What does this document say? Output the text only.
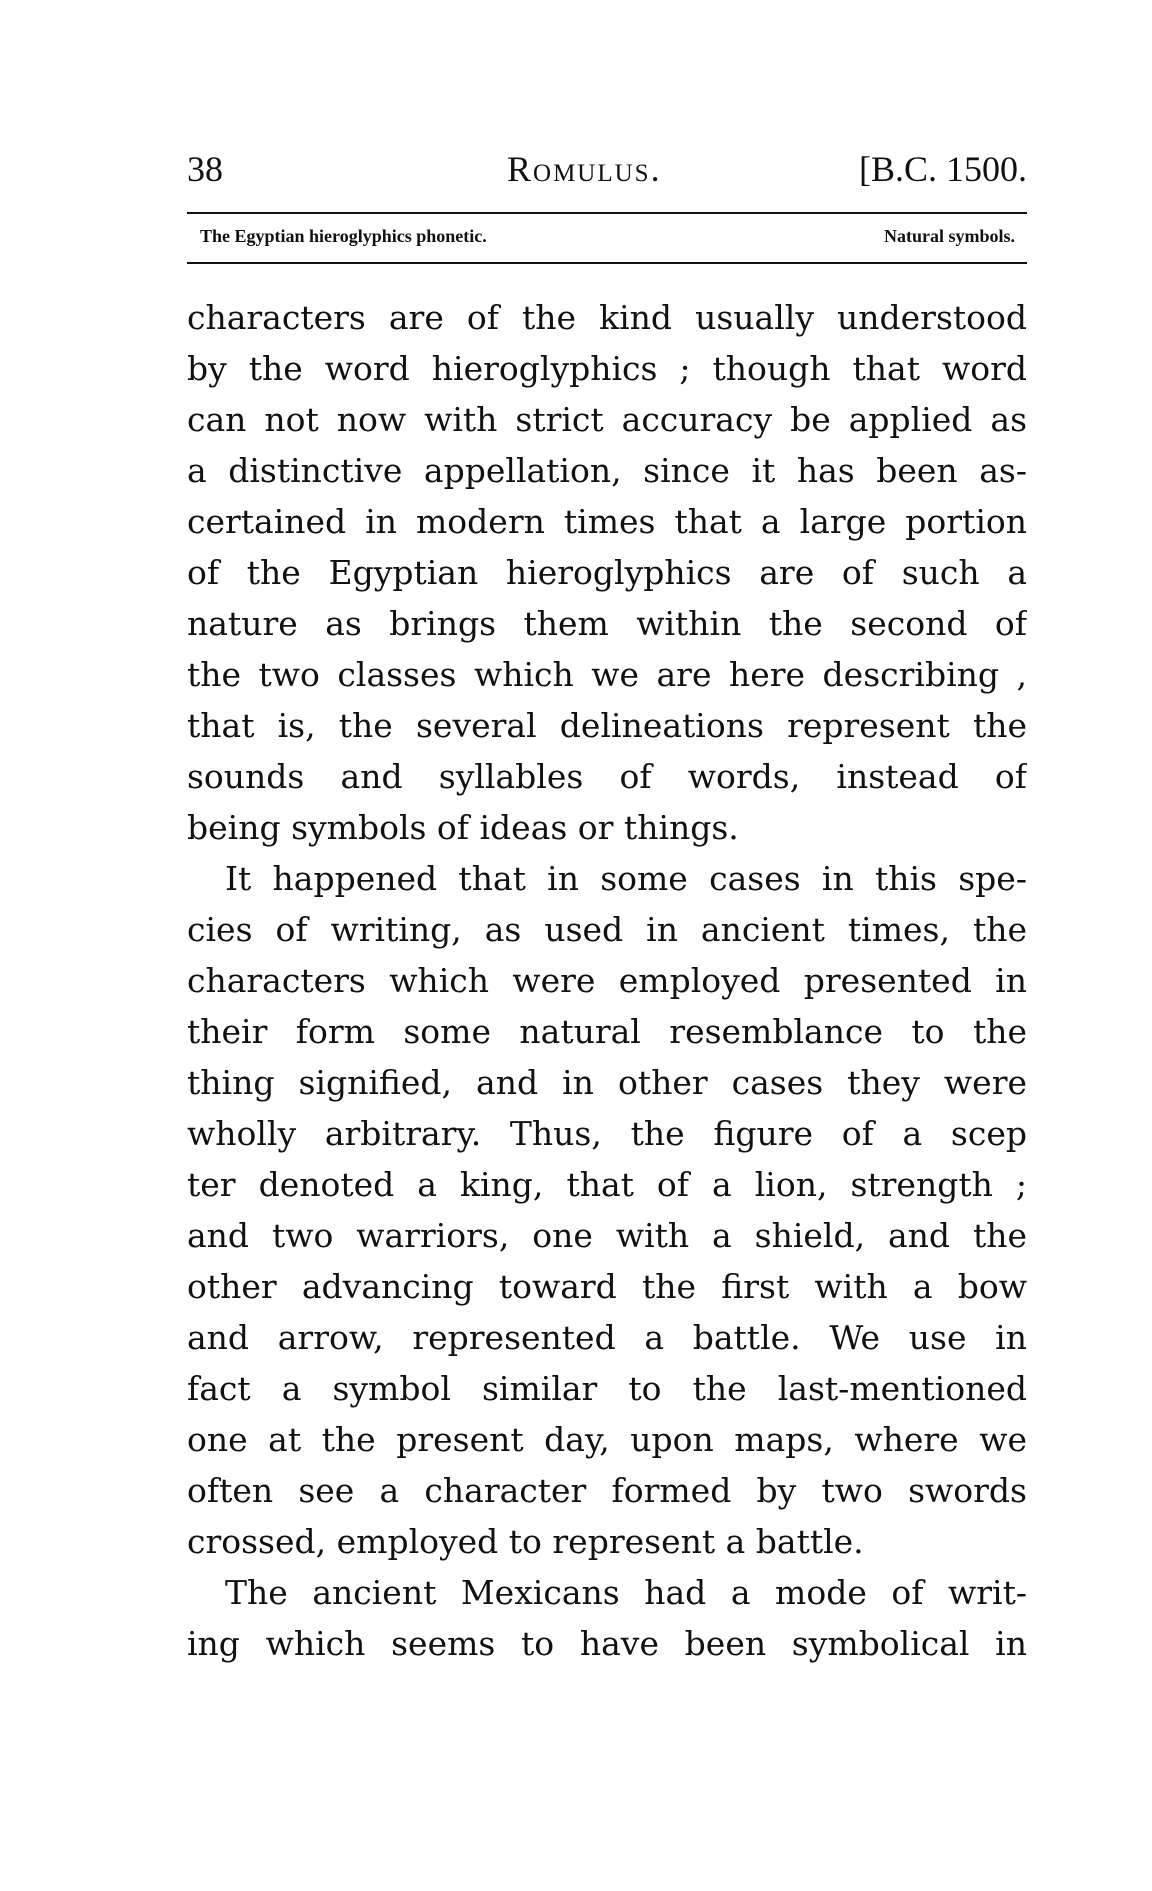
38	Romulus.	[B.C. 1500.
The Egyptian hieroglyphics phonetic.	Natural symbols.
characters are of the kind usually understood
by the word hieroglyphics ; though that word
can not now with strict accuracy be applied as
a distinctive appellation, since it has been as-
certained in modern times that a large portion
of the Egyptian hieroglyphics are of such a
nature as brings them within the second of
the two classes which we are here describing ,
that is, the several delineations represent the
sounds and syllables of words, instead of
being symbols of ideas or things.
It happened that in some cases in this spe-
cies of writing, as used in ancient times, the
characters which were employed presented in
their form some natural resemblance to the
thing signified, and in other cases they were
wholly arbitrary. Thus, the figure of a scep
ter denoted a king, that of a lion, strength ;
and two warriors, one with a shield, and the
other advancing toward the first with a bow
and arrow, represented a battle. We use in
fact a symbol similar to the last-mentioned
one at the present day, upon maps, where we
often see a character formed by two swords
crossed, employed to represent a battle.
The ancient Mexicans had a mode of writ-
ing which seems to have been symbolical in
